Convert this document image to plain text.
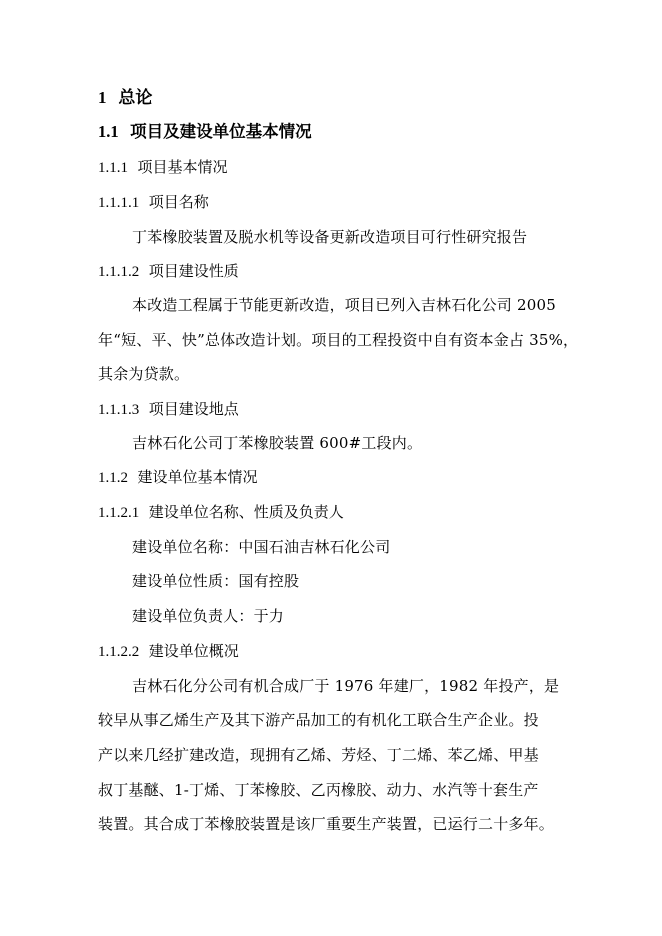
1 总论
1.1 项目及建设单位基本情况
1.1.1 项目基本情况
1.1.1.1 项目名称
丁苯橡胶装置及脱水机等设备更新改造项目可行性研究报告
1.1.1.2 项目建设性质
本改造工程属于节能更新改造，项目已列入吉林石化公司 2005
年“短、平、快”总体改造计划。项目的工程投资中自有资本金占 35%，
其余为贷款。
1.1.1.3 项目建设地点
吉林石化公司丁苯橡胶装置 600#工段内。
1.1.2 建设单位基本情况
1.1.2.1 建设单位名称、性质及负责人
建设单位名称：中国石油吉林石化公司
建设单位性质：国有控股
建设单位负责人：于力
1.1.2.2 建设单位概况
吉林石化分公司有机合成厂于 1976 年建厂，1982 年投产，是
较早从事乙烯生产及其下游产品加工的有机化工联合生产企业。投
产以来几经扩建改造，现拥有乙烯、芳烃、丁二烯、苯乙烯、甲基
叔丁基醚、1-丁烯、丁苯橡胶、乙丙橡胶、动力、水汽等十套生产
装置。其合成丁苯橡胶装置是该厂重要生产装置，已运行二十多年。
